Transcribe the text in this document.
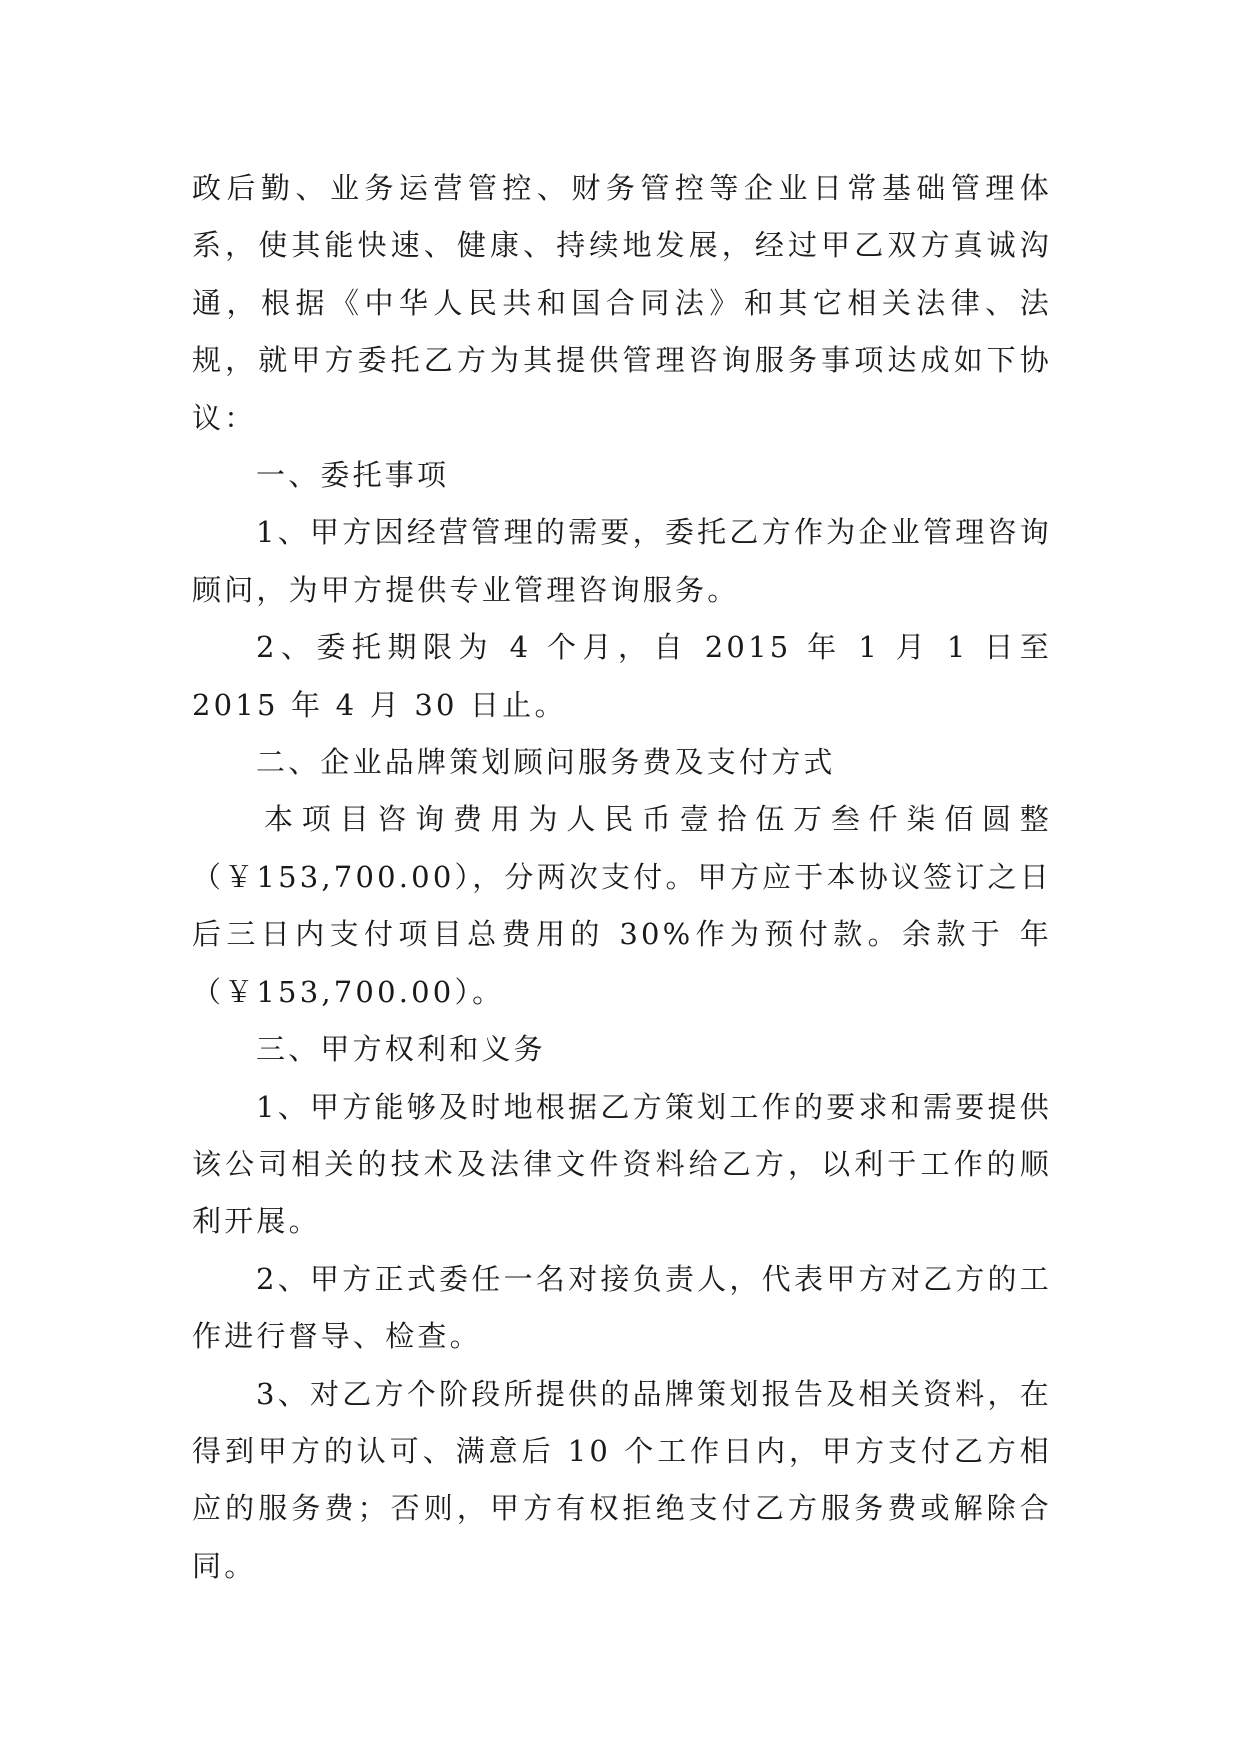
政后勤、业务运营管控、财务管控等企业日常基础管理体系，使其能快速、健康、持续地发展，经过甲乙双方真诚沟通，根据《中华人民共和国合同法》和其它相关法律、法规，就甲方委托乙方为其提供管理咨询服务事项达成如下协议：

一、委托事项

1、甲方因经营管理的需要，委托乙方作为企业管理咨询顾问，为甲方提供专业管理咨询服务。

2、委托期限为 4 个月，自 2015 年 1 月 1 日至 2015 年 4 月 30 日止。

二、企业品牌策划顾问服务费及支付方式

本项目咨询费用为人民币壹拾伍万叁仟柒佰圆整（￥153,700.00），分两次支付。甲方应于本协议签订之日后三日内支付项目总费用的 30%作为预付款。余款于 年（￥153,700.00）。

三、甲方权利和义务

1、甲方能够及时地根据乙方策划工作的要求和需要提供该公司相关的技术及法律文件资料给乙方，以利于工作的顺利开展。

2、甲方正式委任一名对接负责人，代表甲方对乙方的工作进行督导、检查。

3、对乙方个阶段所提供的品牌策划报告及相关资料，在得到甲方的认可、满意后 10 个工作日内，甲方支付乙方相应的服务费；否则，甲方有权拒绝支付乙方服务费或解除合同。
